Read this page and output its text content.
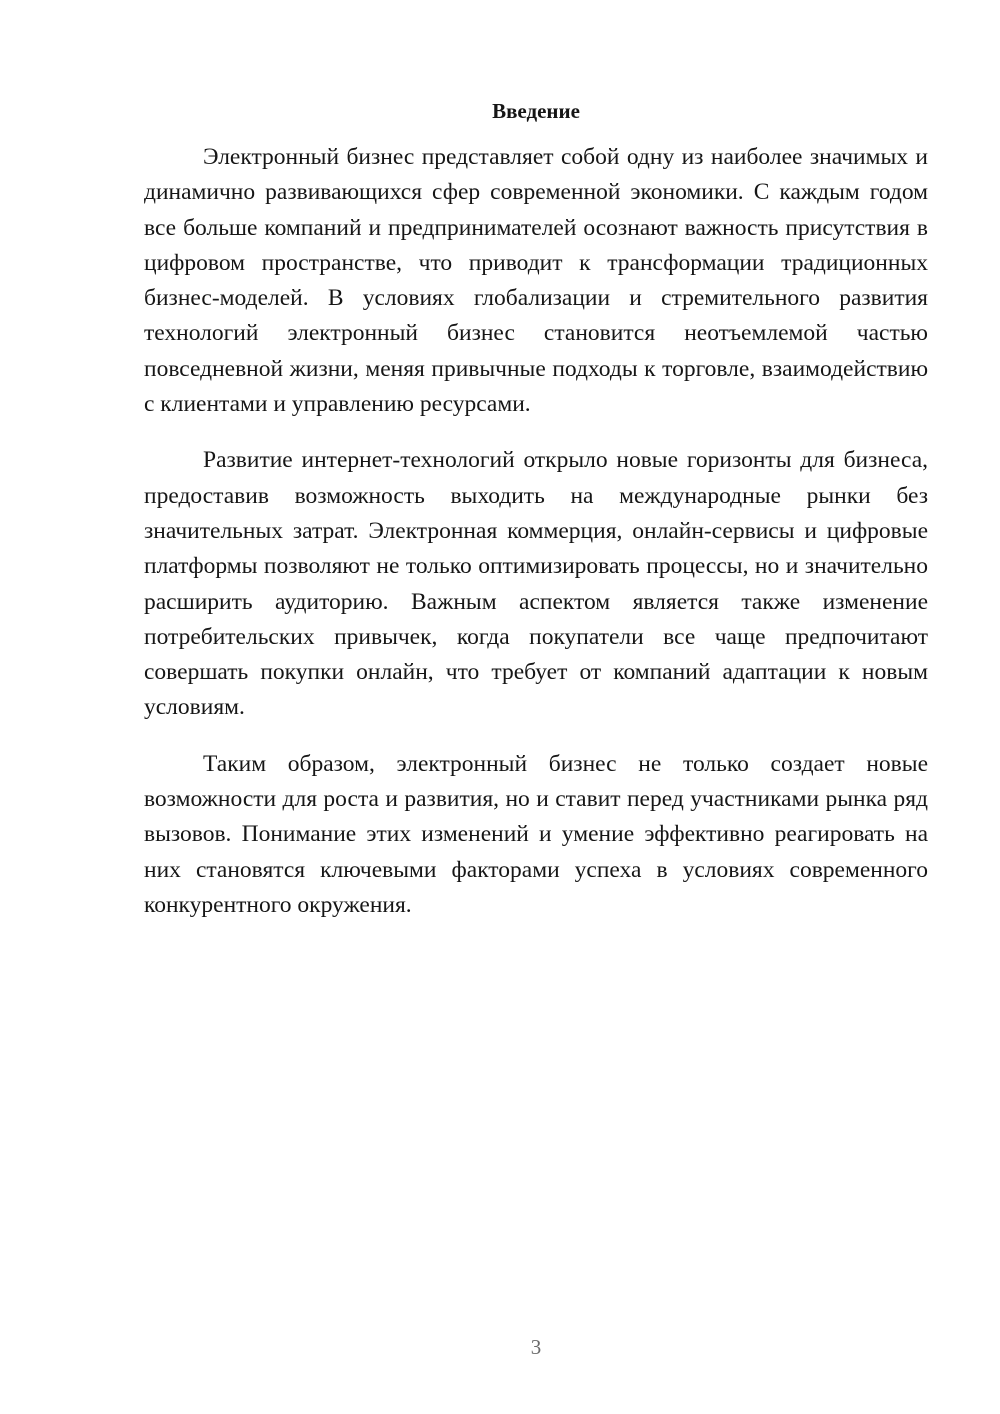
Введение

Электронный бизнес представляет собой одну из наиболее значимых и динамично развивающихся сфер современной экономики. С каждым годом все больше компаний и предпринимателей осознают важность присутствия в цифровом пространстве, что приводит к трансформации традиционных бизнес-моделей. В условиях глобализации и стремительного развития технологий электронный бизнес становится неотъемлемой частью повседневной жизни, меняя привычные подходы к торговле, взаимодействию с клиентами и управлению ресурсами.

Развитие интернет-технологий открыло новые горизонты для бизнеса, предоставив возможность выходить на международные рынки без значительных затрат. Электронная коммерция, онлайн-сервисы и цифровые платформы позволяют не только оптимизировать процессы, но и значительно расширить аудиторию. Важным аспектом является также изменение потребительских привычек, когда покупатели все чаще предпочитают совершать покупки онлайн, что требует от компаний адаптации к новым условиям.

Таким образом, электронный бизнес не только создает новые возможности для роста и развития, но и ставит перед участниками рынка ряд вызовов. Понимание этих изменений и умение эффективно реагировать на них становятся ключевыми факторами успеха в условиях современного конкурентного окружения.

3
